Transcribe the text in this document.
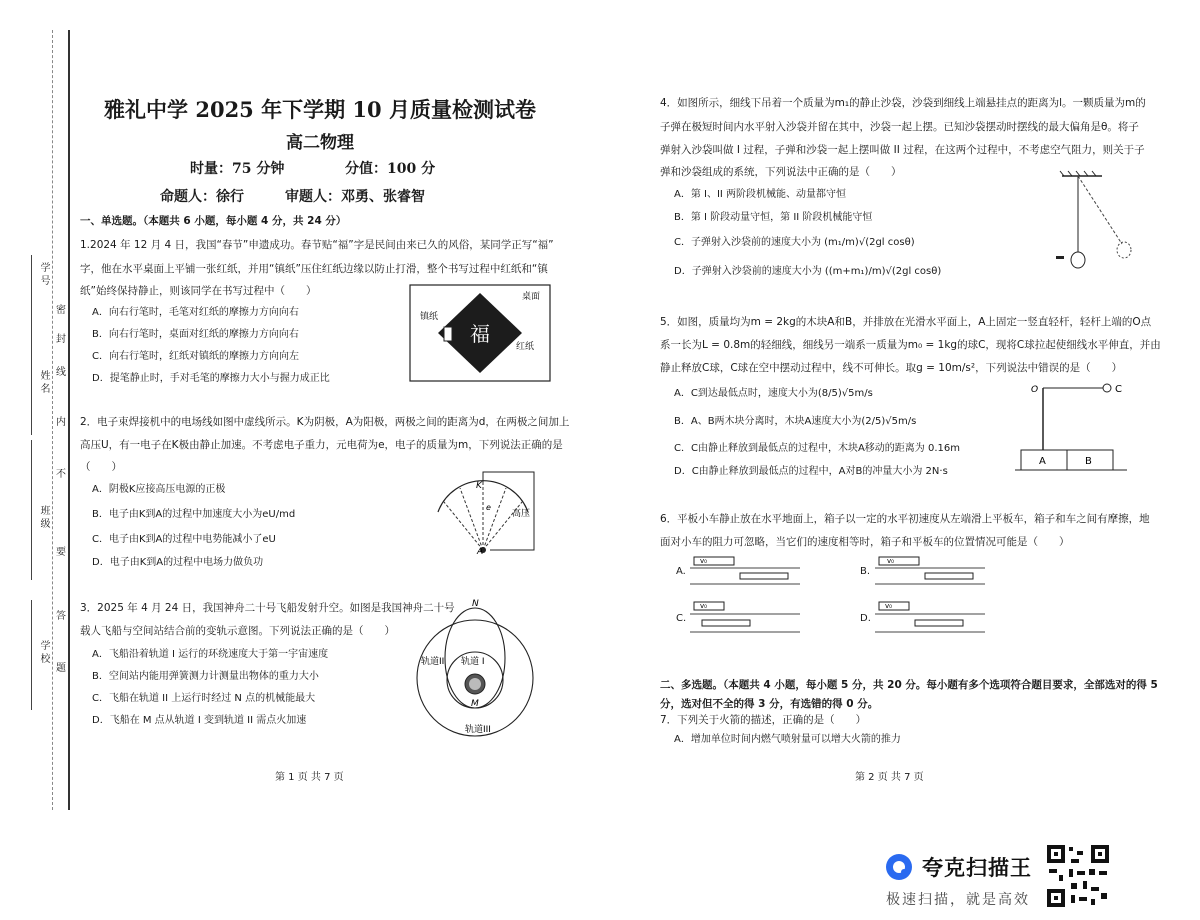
学 号
姓 名
班 级
学 校
密
封
线
内
不
要
答
题
雅礼中学 2025 年下学期 10 月质量检测试卷
高二物理
时量：75 分钟	分值：100 分
命题人：徐行	审题人：邓勇、张睿智
一、单选题。（本题共 6 小题，每小题 4 分，共 24 分）
1.2024 年 12 月 4 日，我国“春节”申遗成功。春节贴“福”字是民间由来已久的风俗，某同学正写“福”
字，他在水平桌面上平铺一张红纸，并用“镇纸”压住红纸边缘以防止打滑，整个书写过程中红纸和“镇
纸”始终保持静止，则该同学在书写过程中（　　）
A．向右行笔时，毛笔对红纸的摩擦力方向向右
B．向右行笔时，桌面对红纸的摩擦力方向向右
C．向右行笔时，红纸对镇纸的摩擦力方向向左
D．提笔静止时，手对毛笔的摩擦力大小与握力成正比
福
桌面
镇纸
红纸
2．电子束焊接机中的电场线如图中虚线所示。K为阴极，A为阳极，两极之间的距离为d，在两极之间加上
高压U，有一电子在K极由静止加速。不考虑电子重力，元电荷为e，电子的质量为m，下列说法正确的是
（　　）
A．阴极K应接高压电源的正极
B．电子由K到A的过程中加速度大小为eU/md
C．电子由K到A的过程中电势能减小了eU
D．电子由K到A的过程中电场力做负功
K
A
e
高压
3．2025 年 4 月 24 日，我国神舟二十号飞船发射升空。如图是我国神舟二十号
载人飞船与空间站结合前的变轨示意图。下列说法正确的是（　　）
A．飞船沿着轨道 I 运行的环绕速度大于第一宇宙速度
B．空间站内能用弹簧测力计测量出物体的重力大小
C．飞船在轨道 II 上运行时经过 N 点的机械能最大
D．飞船在 M 点从轨道 I 变到轨道 II 需点火加速
N
M
轨道 I
轨道II
轨道III
第 1 页 共 7 页
4．如图所示，细线下吊着一个质量为m₁的静止沙袋，沙袋到细线上端悬挂点的距离为l。一颗质量为m的
子弹在极短时间内水平射入沙袋并留在其中，沙袋一起上摆。已知沙袋摆动时摆线的最大偏角是θ。将子
弹射入沙袋叫做 I 过程，子弹和沙袋一起上摆叫做 II 过程，在这两个过程中，不考虑空气阻力，则关于子
弹和沙袋组成的系统，下列说法中正确的是（　　）
A．第 I、II 两阶段机械能、动量都守恒
B．第 I 阶段动量守恒，第 II 阶段机械能守恒
C．子弹射入沙袋前的速度大小为 (m₁/m)√(2gl cosθ)
D．子弹射入沙袋前的速度大小为 ((m+m₁)/m)√(2gl cosθ)
5．如图，质量均为m = 2kg的木块A和B，并排放在光滑水平面上，A上固定一竖直轻杆，轻杆上端的O点
系一长为L = 0.8m的轻细线，细线另一端系一质量为m₀ = 1kg的球C，现将C球拉起使细线水平伸直，并由
静止释放C球，C球在空中摆动过程中，线不可伸长。取g = 10m/s²，下列说法中错误的是（　　）
A．C到达最低点时，速度大小为(8/5)√5m/s
B．A、B两木块分离时，木块A速度大小为(2/5)√5m/s
C．C由静止释放到最低点的过程中，木块A移动的距离为 0.16m
D．C由静止释放到最低点的过程中，A对B的冲量大小为 2N·s
O	C
A	B
6．平板小车静止放在水平地面上，箱子以一定的水平初速度从左端滑上平板车，箱子和车之间有摩擦，地
面对小车的阻力可忽略，当它们的速度相等时，箱子和平板车的位置情况可能是（　　）
A.
v₀
B.
v₀
C.
v₀
D.
v₀
二、多选题。（本题共 4 小题，每小题 5 分，共 20 分。每小题有多个选项符合题目要求，全部选对的得 5
分，选对但不全的得 3 分，有选错的得 0 分。
7．下列关于火箭的描述，正确的是（　　）
A．增加单位时间内燃气喷射量可以增大火箭的推力
第 2 页 共 7 页
夸克扫描王
极速扫描，就是高效
